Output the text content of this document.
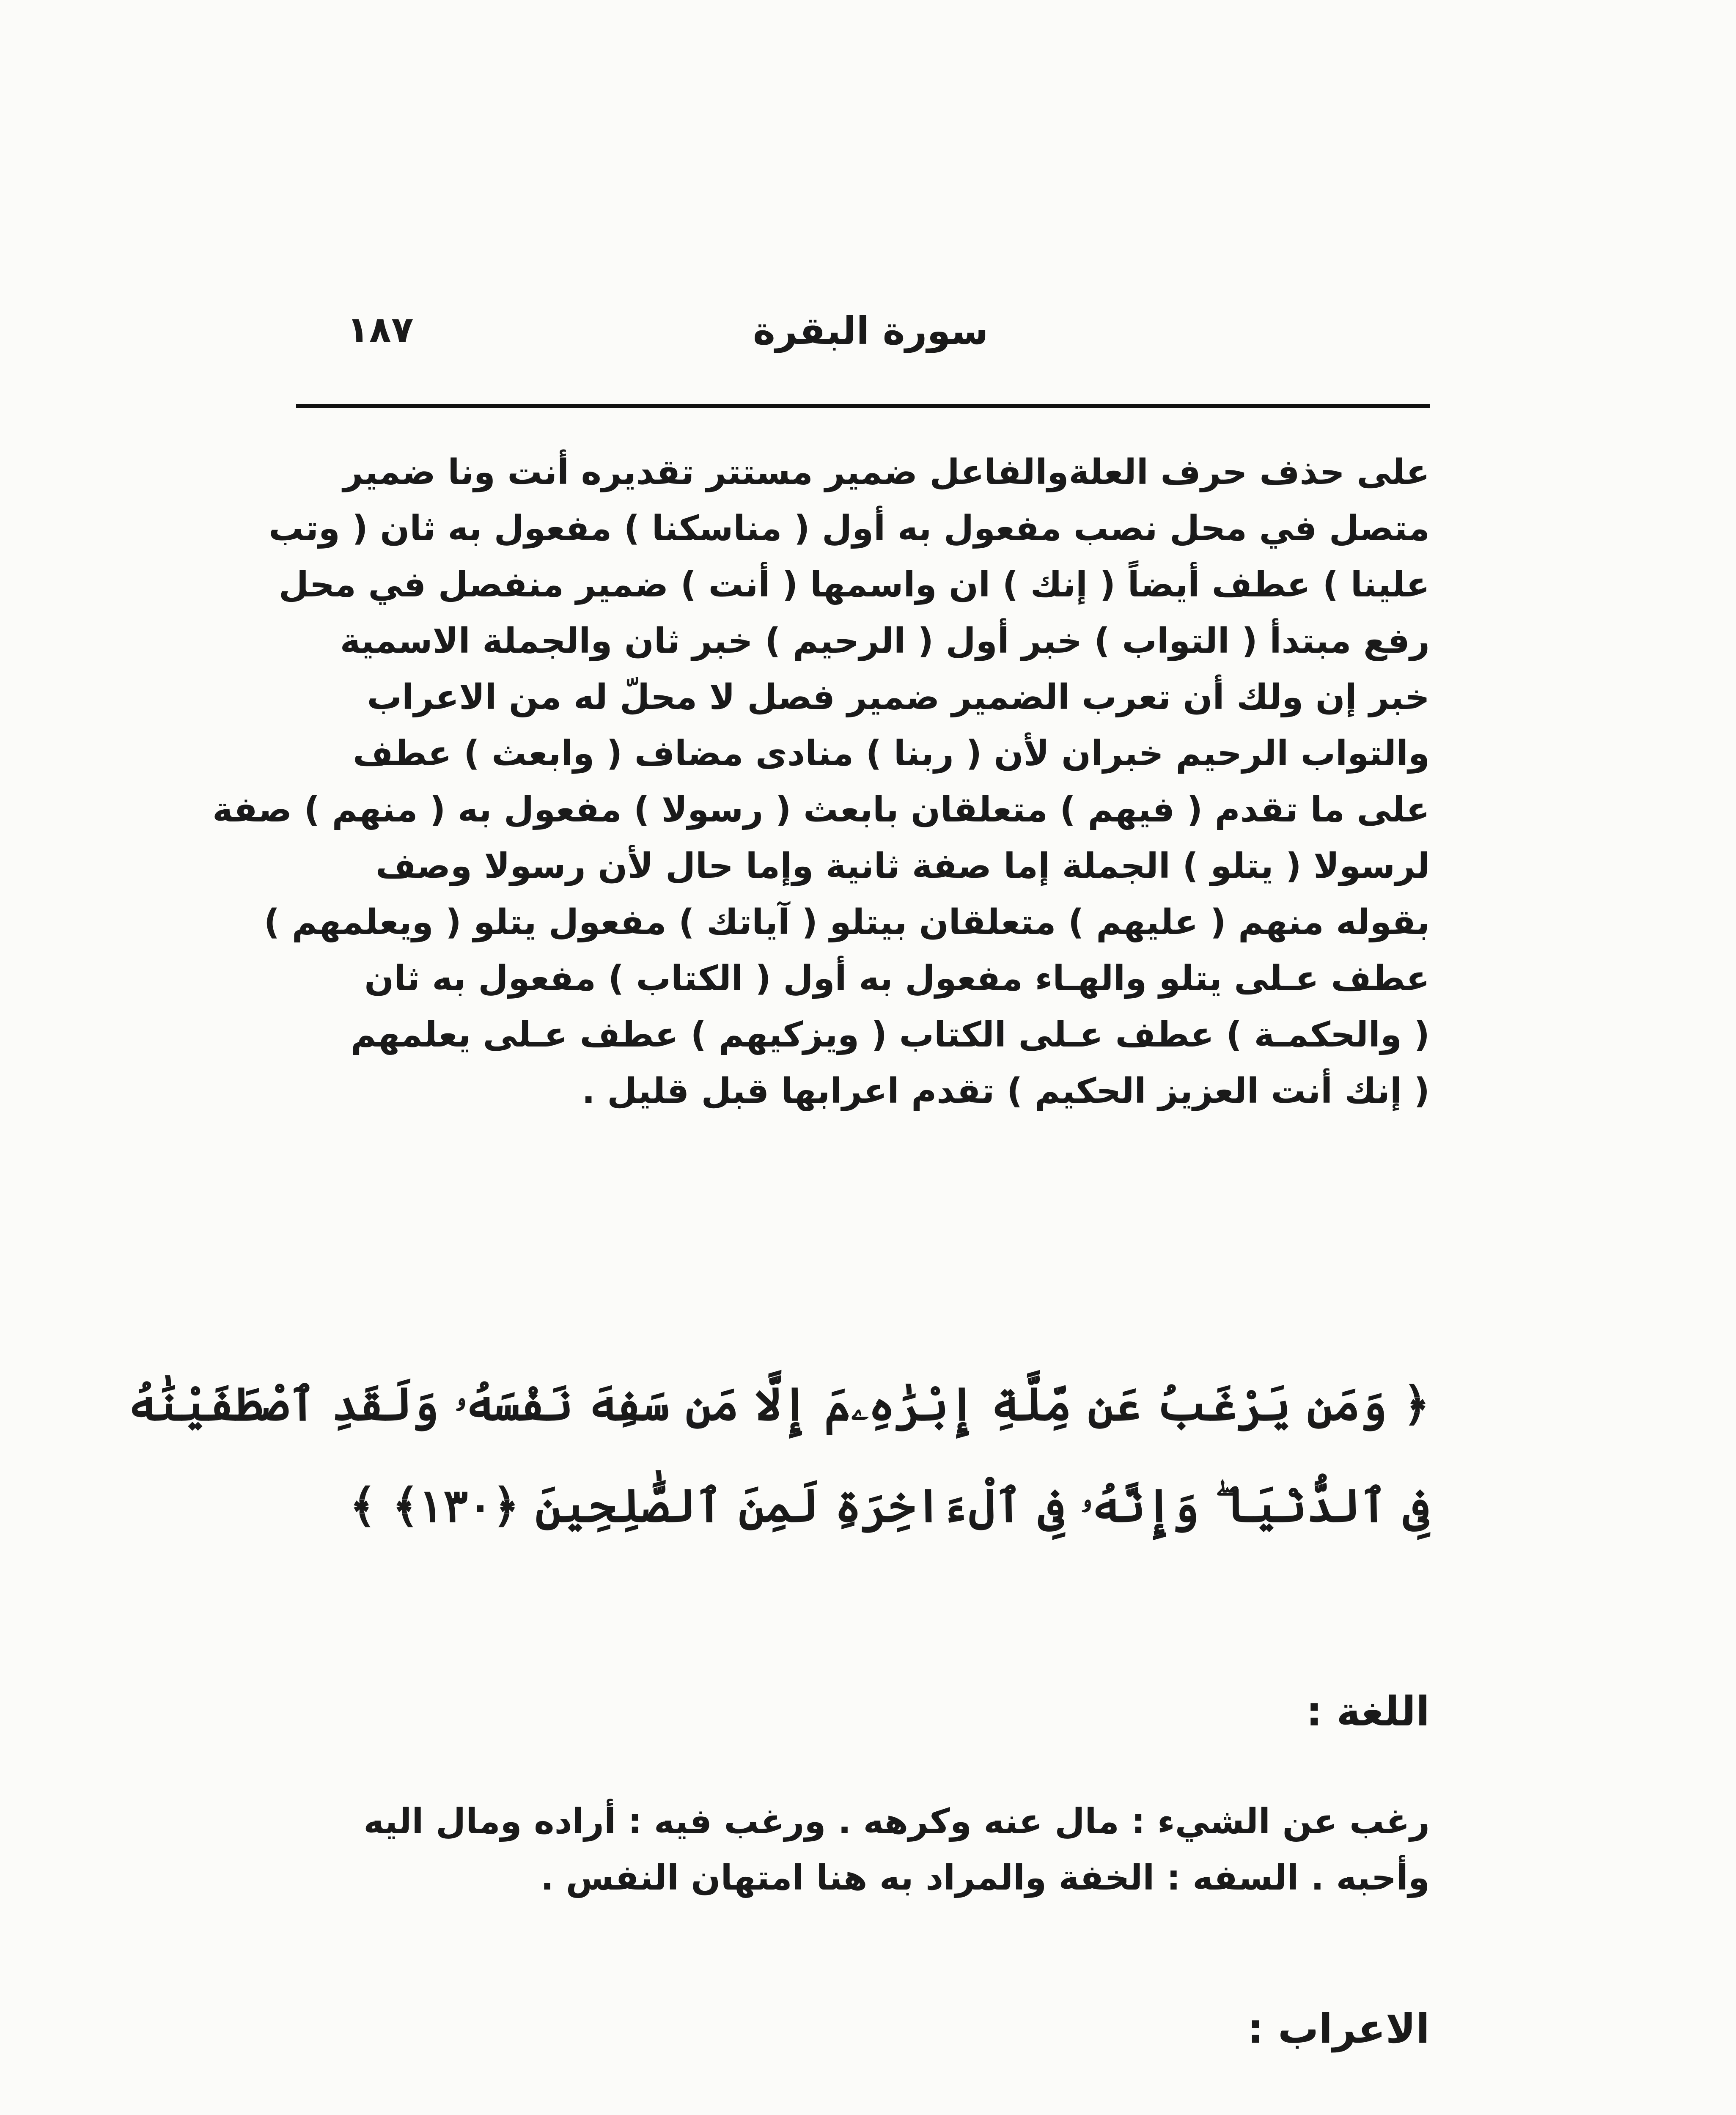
١٨٧	سورة البقرة
على حذف حرف العلةوالفاعل ضمير مستتر تقديره أنت ونا ضمير
متصل في محل نصب مفعول به أول ( مناسكنا ) مفعول به ثان ( وتب
علينا ) عطف أيضاً ( إنك ) ان واسمها ( أنت ) ضمير منفصل في محل
رفع مبتدأ ( التواب ) خبر أول ( الرحيم ) خبر ثان والجملة الاسمية
خبر إن ولك أن تعرب الضمير ضمير فصل لا محلّ له من الاعراب
والتواب الرحيم خبران لأن ( ربنا ) منادى مضاف ( وابعث ) عطف
على ما تقدم ( فيهم ) متعلقان بابعث ( رسولا ) مفعول به ( منهم ) صفة
لرسولا ( يتلو ) الجملة إما صفة ثانية وإما حال لأن رسولا وصف
بقوله منهم ( عليهم ) متعلقان بيتلو ( آياتك ) مفعول يتلو ( ويعلمهم )
عطف عـلى يتلو والهـاء مفعول به أول ( الكتاب ) مفعول به ثان
( والحكمـة ) عطف عـلى الكتاب ( ويزكيهم ) عطف عـلى يعلمهم
( إنك أنت العزيز الحكيم ) تقدم اعرابها قبل قليل .
﴿ وَمَن يَرْغَبُ عَن مِّلَّةِ إِبْرَٰهِۦمَ إِلَّا مَن سَفِهَ نَفْسَهُۥ وَلَقَدِ ٱصْطَفَيْنَٰهُ
فِى ٱلدُّنْيَا ۖ وَإِنَّهُۥ فِى ٱلْءَاخِرَةِ لَمِنَ ٱلصَّٰلِحِينَ ﴿١٣٠﴾ ﴾
اللغة :
رغب عن الشيء : مال عنه وكرهه . ورغب فيه : أراده ومال اليه
وأحبه . السفه : الخفة والمراد به هنا امتهان النفس .
الاعراب :
